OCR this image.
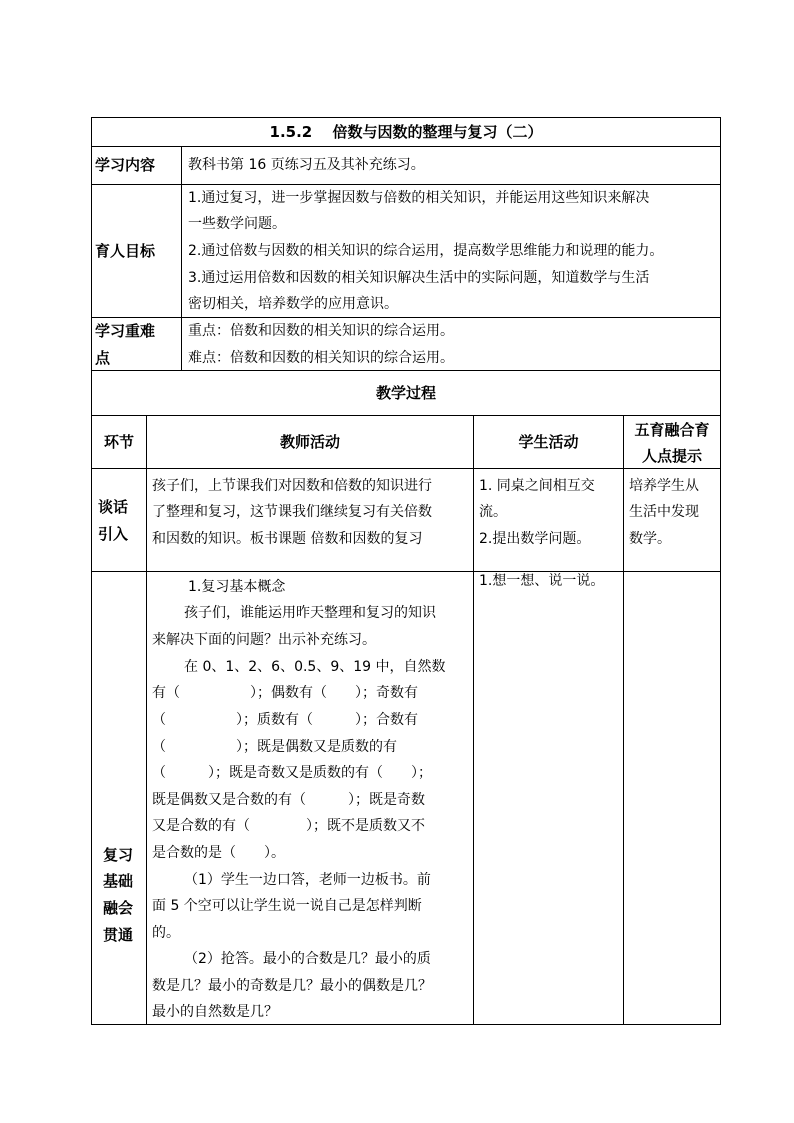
1.5.2　 倍数与因数的整理与复习（二）
学习内容 教科书第 16 页练习五及其补充练习。
育人目标
1.通过复习，进一步掌握因数与倍数的相关知识，并能运用这些知识来解决
一些数学问题。
2.通过倍数与因数的相关知识的综合运用，提高数学思维能力和说理的能力。
3.通过运用倍数和因数的相关知识解决生活中的实际问题，知道数学与生活
密切相关，培养数学的应用意识。
学习重难
点
重点：倍数和因数的相关知识的综合运用。
难点：倍数和因数的相关知识的综合运用。
教学过程
环节	教师活动	学生活动
五育融合育
人点提示
谈话
引入
孩子们，上节课我们对因数和倍数的知识进行
了整理和复习，这节课我们继续复习有关倍数
和因数的知识。板书课题 倍数和因数的复习
1. 同桌之间相互交
流。
2.提出数学问题。
培养学生从
生活中发现
数学。
复习
基础
融会
贯通
1.复习基本概念
孩子们，谁能运用昨天整理和复习的知识
来解决下面的问题？出示补充练习。
在 0、1、2、6、0.5、9、19 中，自然数
有（　　　　　）；偶数有（　　）；奇数有
（　　　　　）；质数有（　　　）；合数有
（　　　　　）；既是偶数又是质数的有
（　　　）；既是奇数又是质数的有（　　）；
既是偶数又是合数的有（　　　）；既是奇数
又是合数的有（　　　　）；既不是质数又不
是合数的是（　　）。
（1）学生一边口答，老师一边板书。前
面 5 个空可以让学生说一说自己是怎样判断
的。
（2）抢答。最小的合数是几？最小的质
数是几？最小的奇数是几？最小的偶数是几？
最小的自然数是几？
1.想一想、说一说。
